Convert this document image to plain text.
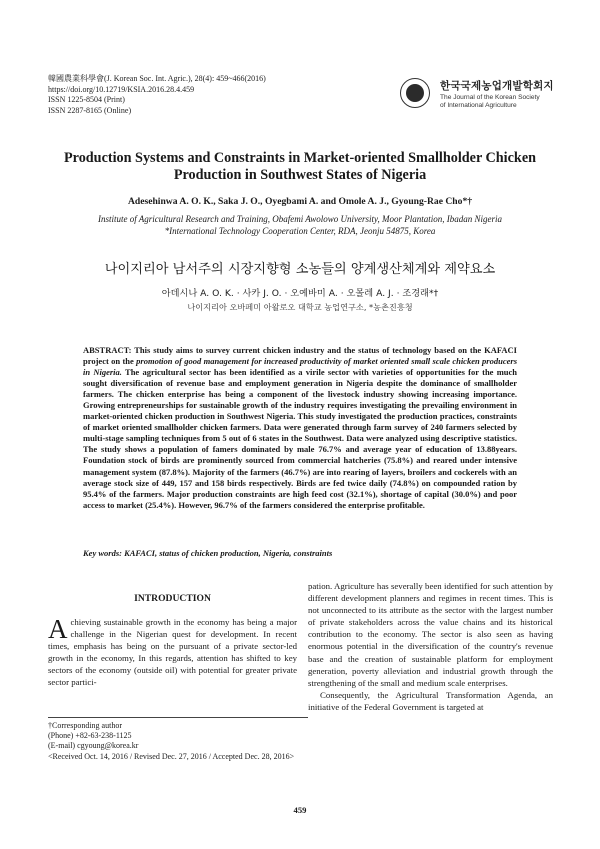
韓國農業科學會(J. Korean Soc. Int. Agric.), 28(4): 459~466(2016)
https://doi.org/10.12719/KSIA.2016.28.4.459
ISSN 1225-8504 (Print)
ISSN 2287-8165 (Online)
한국국제농업개발학회지
The Journal of the Korean Society
of International Agriculture
Production Systems and Constraints in Market-oriented Smallholder Chicken
Production in Southwest States of Nigeria
Adesehinwa A. O. K., Saka J. O., Oyegbami A. and Omole A. J., Gyoung-Rae Cho*†
Institute of Agricultural Research and Training, Obafemi Awolowo University, Moor Plantation, Ibadan Nigeria
*International Technology Cooperation Center, RDA, Jeonju 54875, Korea
나이지리아 남서주의 시장지향형 소농들의 양계생산체계와 제약요소
아데시나 A. O. K. · 사카 J. O. · 오예바미 A. · 오몰레 A. J. · 조경래*†
나이지리아 오바페미 아왈로오 대학교 농업연구소, *농촌진흥청
ABSTRACT: This study aims to survey current chicken industry and the status of technology based on the KAFACI project on the promotion of good management for increased productivity of market oriented small scale chicken producers in Nigeria. The agricultural sector has been identified as a virile sector with varieties of opportunities for the much sought diversification of revenue base and employment generation in Nigeria despite the dominance of smallholder farmers. The chicken enterprise has being a component of the livestock industry showing increasing importance. Growing entrepreneurships for sustainable growth of the industry requires investigating the prevailing environment in market-oriented chicken production in Southwest Nigeria. This study investigated the production practices, constraints of market oriented smallholder chicken farmers. Data were generated through farm survey of 240 farmers selected by multi-stage sampling techniques from 5 out of 6 states in the Southwest. Data were analyzed using descriptive statistics. The study shows a population of famers dominated by male 76.7% and average year of education of 13.88years. Foundation stock of birds are prominently sourced from commercial hatcheries (75.8%) and reared under intensive management system (87.8%). Majority of the farmers (46.7%) are into rearing of layers, broilers and cockerels with an average stock size of 449, 157 and 158 birds respectively. Birds are fed twice daily (74.8%) on compounded ration by 95.4% of the farmers. Major production constraints are high feed cost (32.1%), shortage of capital (30.0%) and poor access to market (25.4%). However, 96.7% of the farmers considered the enterprise profitable.
Key words: KAFACI, status of chicken production, Nigeria, constraints
INTRODUCTION

Achieving sustainable growth in the economy has being a major challenge in the Nigerian quest for development. In recent times, emphasis has being on the pursuant of a private sector-led growth in the economy, In this regards, attention has shifted to key sectors of the economy (outside oil) with potential for greater private sector partici-

pation. Agriculture has severally been identified for such attention by different development planners and regimes in recent times. This is not unconnected to its attribute as the sector with the largest number of private stakeholders across the value chains and its historical contribution to the economy. The sector is also seen as having enormous potential in the diversification of the country's revenue base and the creation of sustainable platform for employment generation, poverty alleviation and industrial growth through the strengthening of the small and medium scale enterprises.

Consequently, the Agricultural Transformation Agenda, an initiative of the Federal Government is targeted at

†Corresponding author
(Phone) +82-63-238-1125
(E-mail) cgyoung@korea.kr
<Received Oct. 14, 2016 / Revised Dec. 27, 2016 / Accepted Dec. 28, 2016>
459
